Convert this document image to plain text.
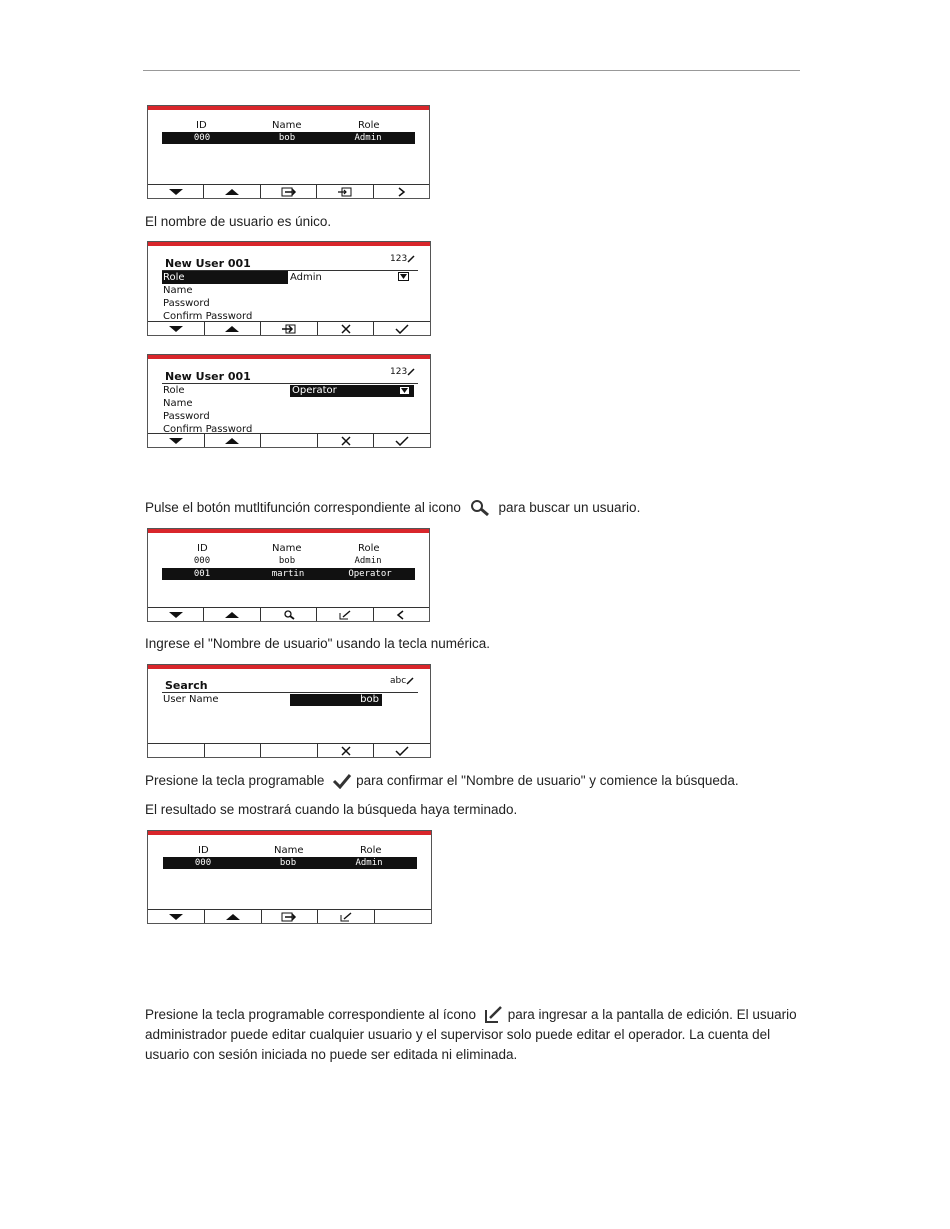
ID	Name	Role
000	bob	Admin
El nombre de usuario es único.
New User 001	123
Role	Admin
Name
Password
Confirm Password
New User 001	123
Role	Operator
Name
Password
Confirm Password
Pulse el botón mutltifunción correspondiente al icono	para buscar un usuario.
ID	Name	Role
000	bob	Admin
001	martin	Operator
Ingrese el "Nombre de usuario" usando la tecla numérica.
Search	abc
User Name	bob
Presione la tecla programable para confirmar el "Nombre de usuario" y comience la búsqueda.
El resultado se mostrará cuando la búsqueda haya terminado.
ID	Name	Role
000	bob	Admin
Presione la tecla programable correspondiente al ícono para ingresar a la pantalla de edición. El usuario administrador puede editar cualquier usuario y el supervisor solo puede editar el operador. La cuenta del usuario con sesión iniciada no puede ser editada ni eliminada.
